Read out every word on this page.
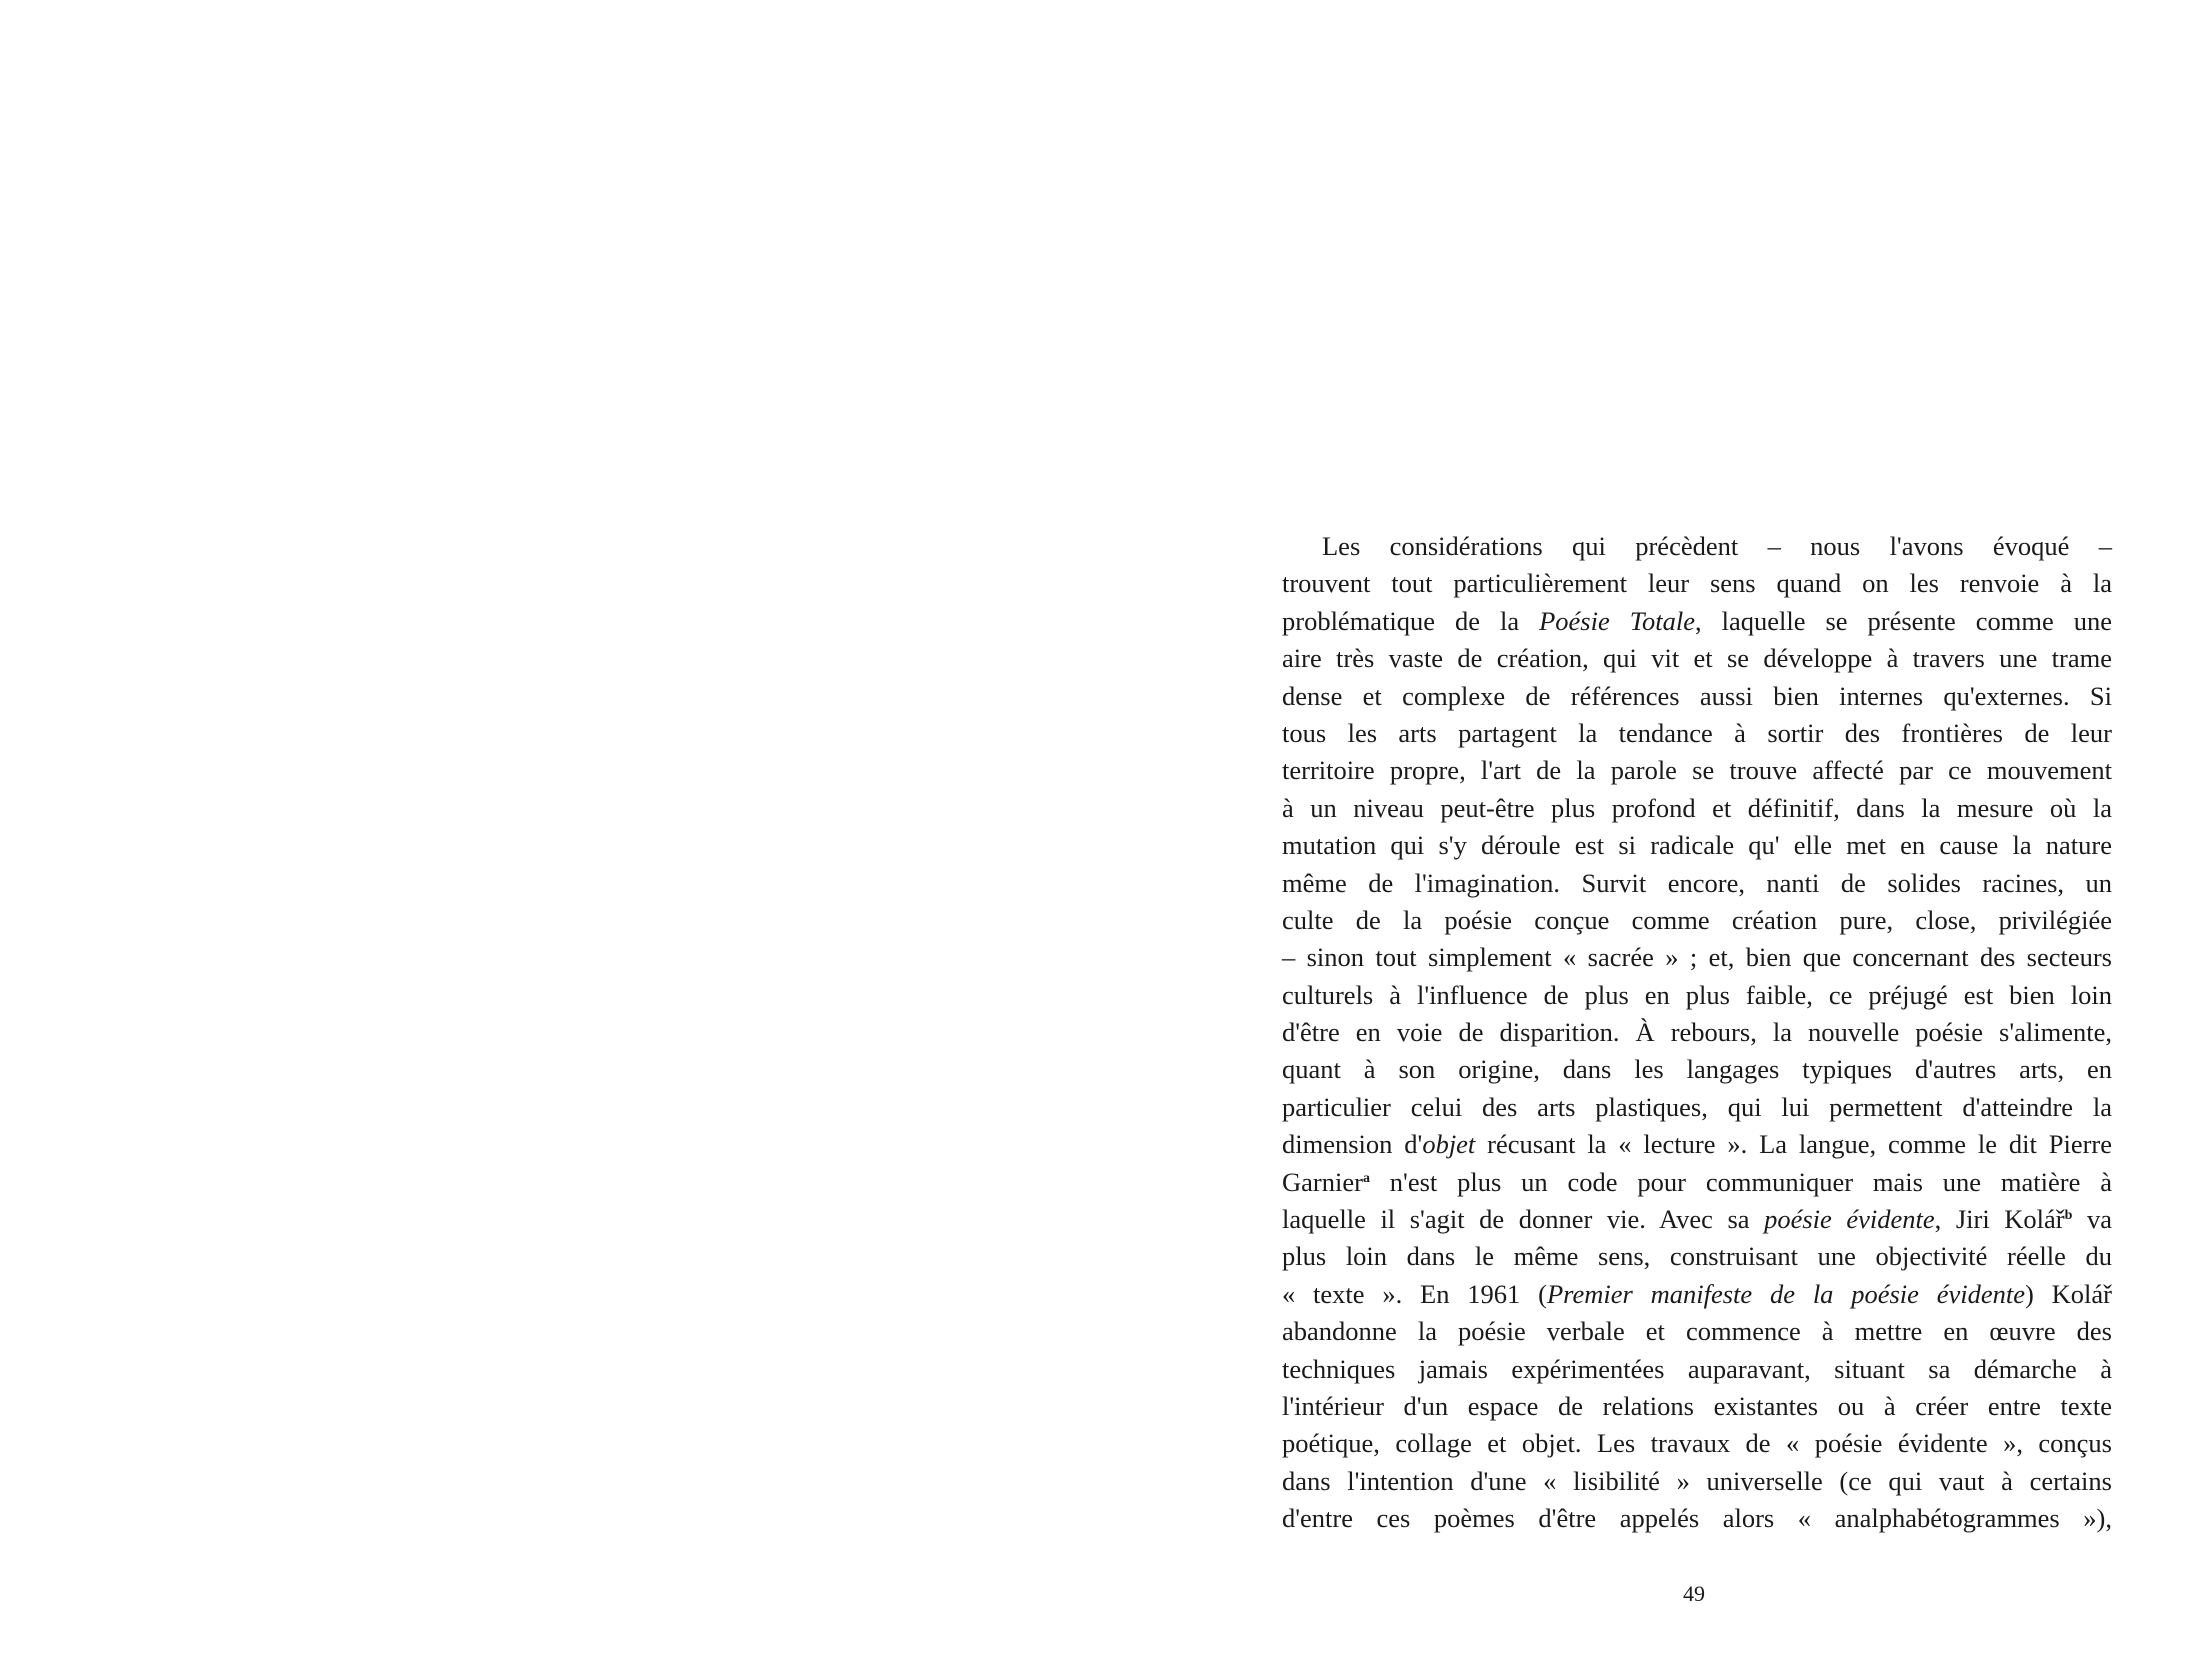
Les considérations qui précèdent – nous l'avons évoqué –
trouvent tout particulièrement leur sens quand on les renvoie à la
problématique de la Poésie Totale, laquelle se présente comme une
aire très vaste de création, qui vit et se développe à travers une trame
dense et complexe de références aussi bien internes qu'externes. Si
tous les arts partagent la tendance à sortir des frontières de leur
territoire propre, l'art de la parole se trouve affecté par ce mouvement
à un niveau peut-être plus profond et définitif, dans la mesure où la
mutation qui s'y déroule est si radicale qu' elle met en cause la nature
même de l'imagination. Survit encore, nanti de solides racines, un
culte de la poésie conçue comme création pure, close, privilégiée
– sinon tout simplement « sacrée » ; et, bien que concernant des secteurs
culturels à l'influence de plus en plus faible, ce préjugé est bien loin
d'être en voie de disparition. À rebours, la nouvelle poésie s'alimente,
quant à son origine, dans les langages typiques d'autres arts, en
particulier celui des arts plastiques, qui lui permettent d'atteindre la
dimension d'objet récusant la « lecture ». La langue, comme le dit Pierre
Garnier$^a$ n'est plus un code pour communiquer mais une matière à
laquelle il s'agit de donner vie. Avec sa poésie évidente, Jiri Kolář$^b$ va
plus loin dans le même sens, construisant une objectivité réelle du
« texte ». En 1961 (Premier manifeste de la poésie évidente) Kolář
abandonne la poésie verbale et commence à mettre en œuvre des
techniques jamais expérimentées auparavant, situant sa démarche à
l'intérieur d'un espace de relations existantes ou à créer entre texte
poétique, collage et objet. Les travaux de « poésie évidente », conçus
dans l'intention d'une « lisibilité » universelle (ce qui vaut à certains
d'entre ces poèmes d'être appelés alors « analphabétogrammes »),
49
